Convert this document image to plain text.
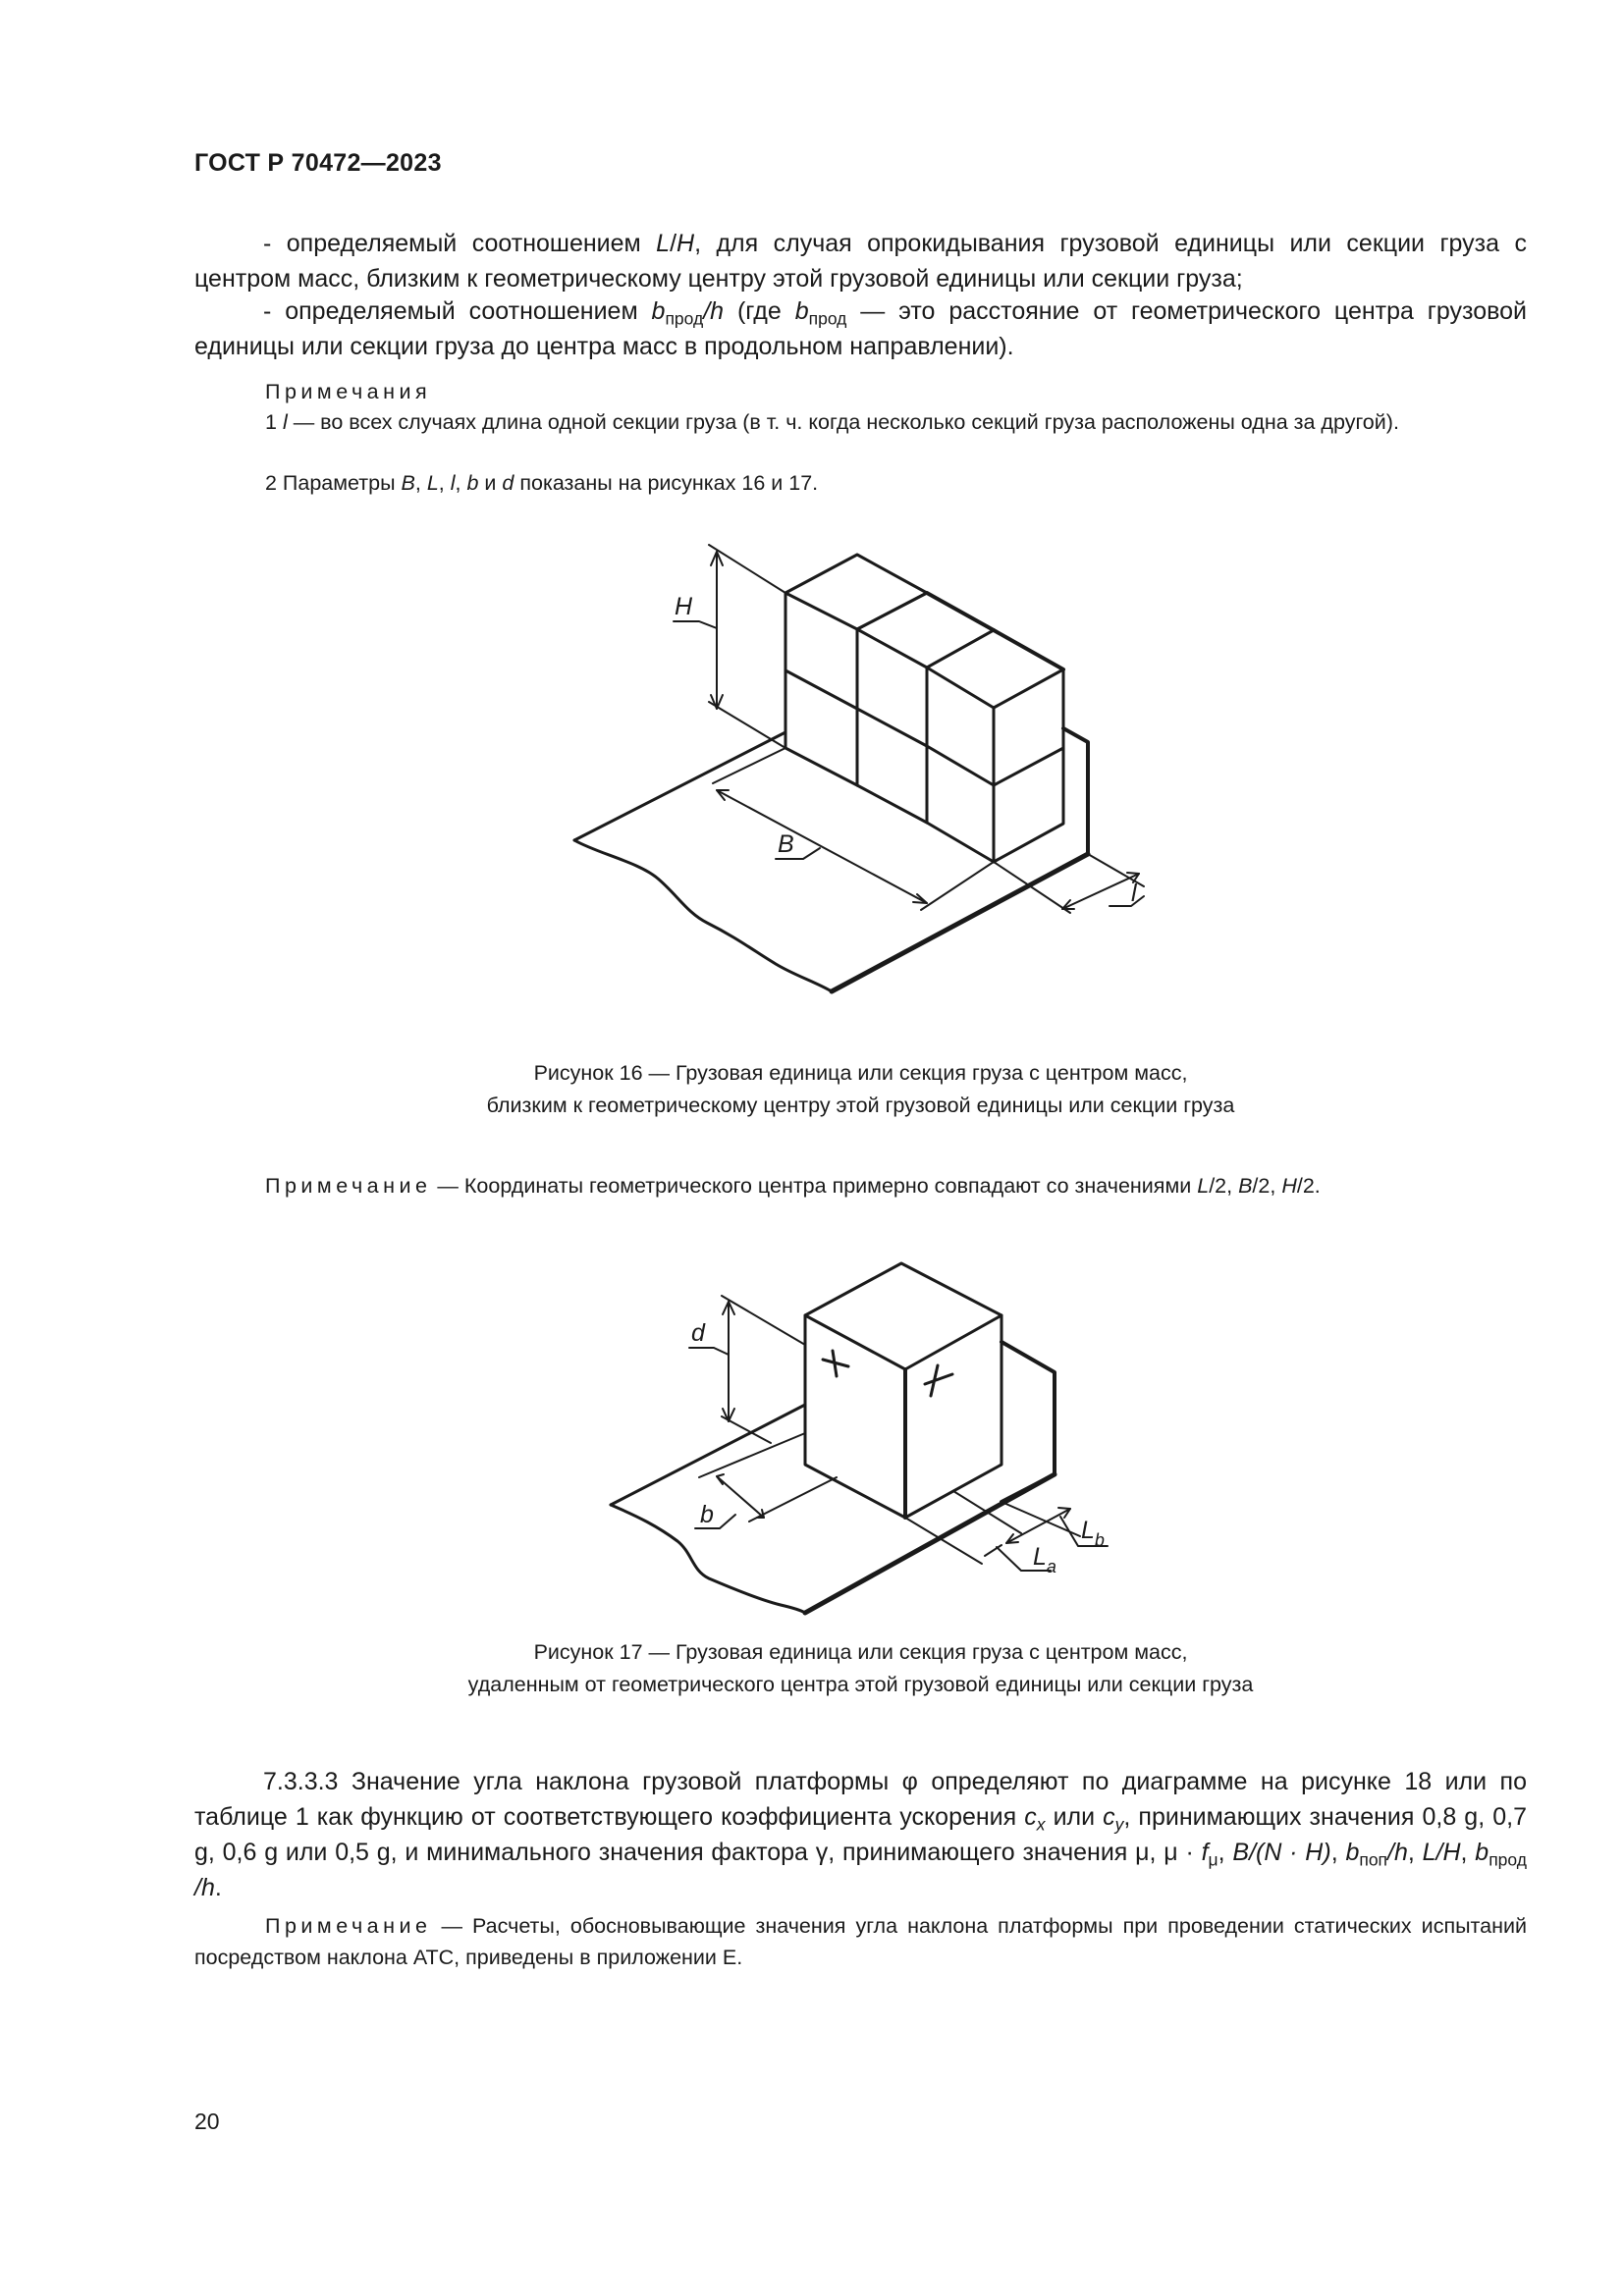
ГОСТ Р 70472—2023
- определяемый соотношением L/H, для случая опрокидывания грузовой единицы или секции груза с центром масс, близким к геометрическому центру этой грузовой единицы или секции груза;
- определяемый соотношением $b_{прод}/h$ (где $b_{прод}$ — это расстояние от геометрического центра грузовой единицы или секции груза до центра масс в продольном направлении).
Примечания
1 l — во всех случаях длина одной секции груза (в т. ч. когда несколько секций груза расположены одна за другой).
2 Параметры B, L, l, b и d показаны на рисунках 16 и 17.
H
B
l
Рисунок 16 — Грузовая единица или секция груза с центром масс,
близким к геометрическому центру этой грузовой единицы или секции груза
Примечание — Координаты геометрического центра примерно совпадают со значениями L/2, B/2, H/2.
d
b
$L_b$
$L_a$
Рисунок 17 — Грузовая единица или секция груза с центром масс,
удаленным от геометрического центра этой грузовой единицы или секции груза
7.3.3.3 Значение угла наклона грузовой платформы φ определяют по диаграмме на рисунке 18 или по таблице 1 как функцию от соответствующего коэффициента ускорения $c_x$ или $c_y$, принимающих значения 0,8 g, 0,7 g, 0,6 g или 0,5 g, и минимального значения фактора γ, принимающего значения μ, $\mu \cdot f_\mu$, B/(N · H), $b_{поп}/h$, L/H, $b_{прод}$ /h.
Примечание — Расчеты, обосновывающие значения угла наклона платформы при проведении статических испытаний посредством наклона АТС, приведены в приложении Е.
20
